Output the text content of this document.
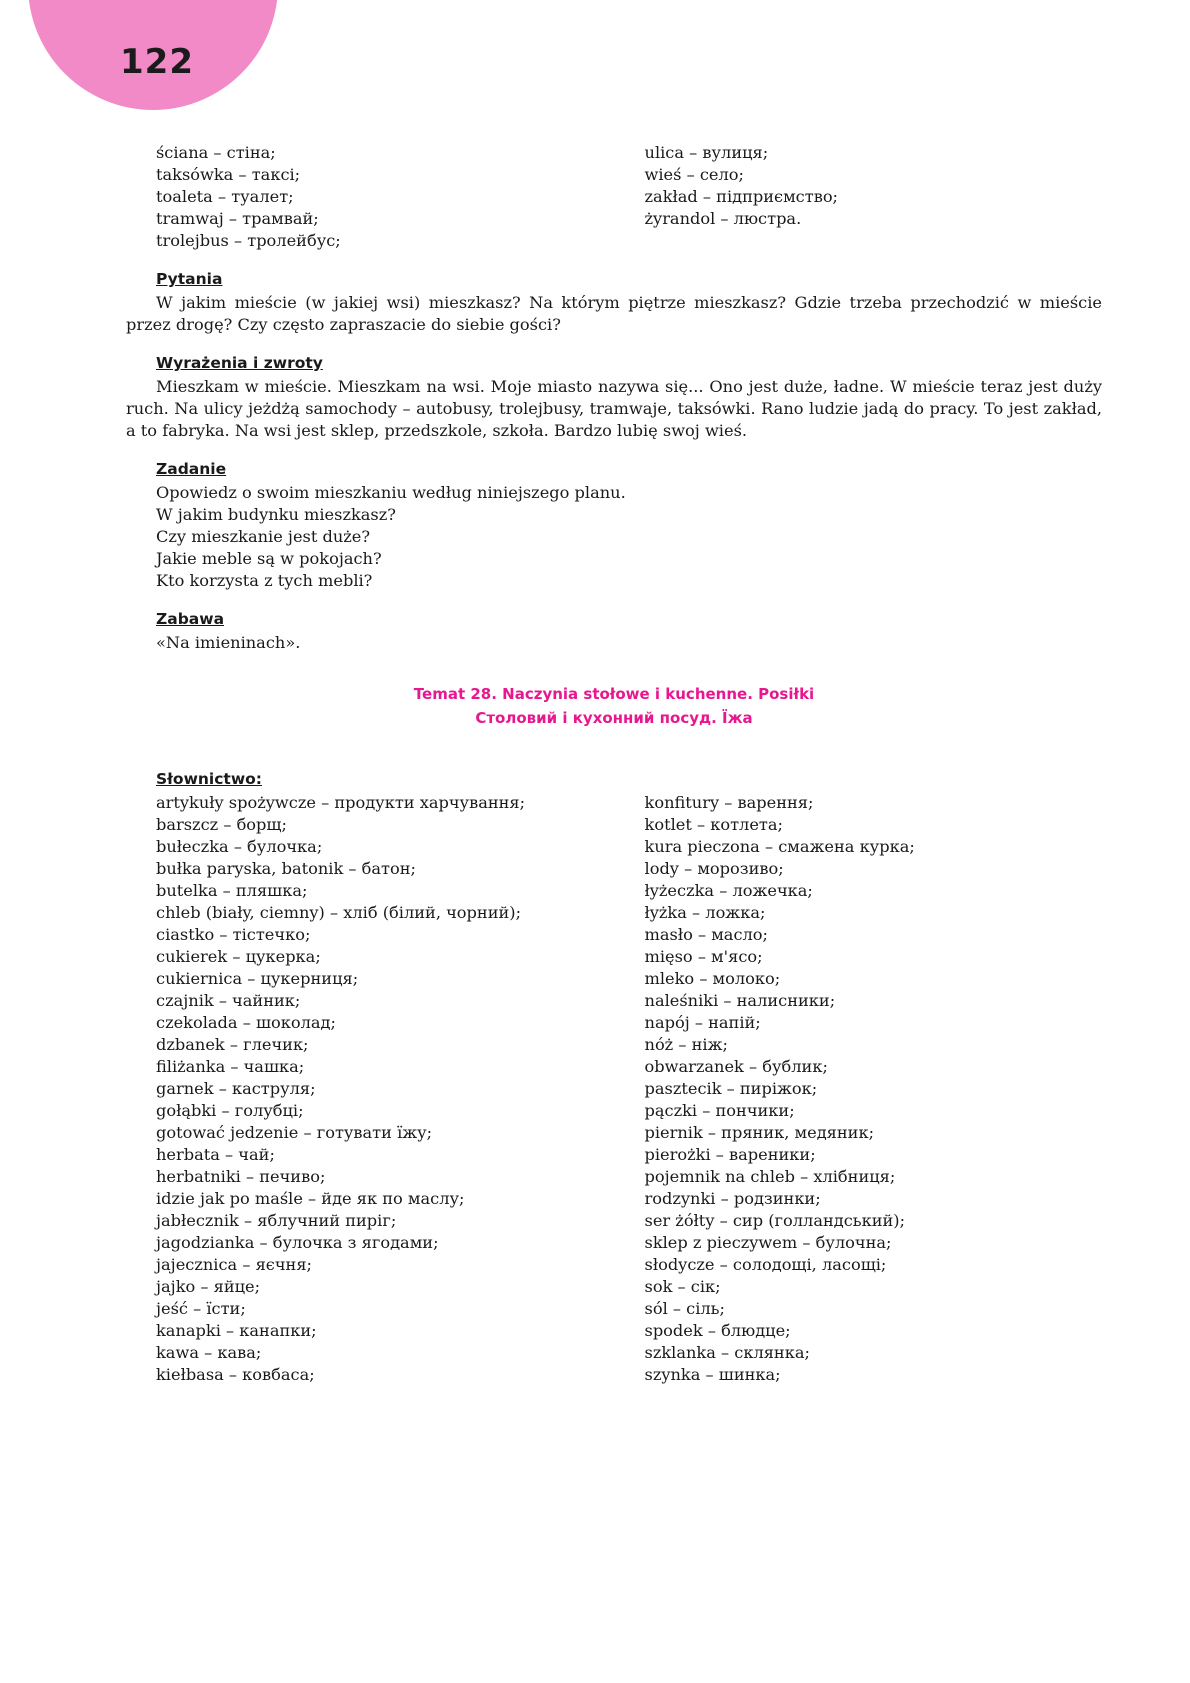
122
ściana – стіна;
taksówka – таксі;
toaleta – туалет;
tramwaj – трамвай;
trolejbus – тролейбус;
ulica – вулиця;
wieś – село;
zakład – підприємство;
żyrandol – люстра.
Pytania
W jakim mieście (w jakiej wsi) mieszkasz? Na którym piętrze mieszkasz? Gdzie trzeba przechodzić w mieście przez drogę? Czy często zapraszacie do siebie gości?
Wyrażenia i zwroty
Mieszkam w mieście. Mieszkam na wsi. Moje miasto nazywa się... Ono jest duże, ładne. W mieście teraz jest duży ruch. Na ulicy jeżdżą samochody – autobusy, trolejbusy, tramwaje, taksówki. Rano ludzie jadą do pracy. To jest zakład, a to fabryka. Na wsi jest sklep, przedszkole, szkoła. Bardzo lubię swoj wieś.
Zadanie
Opowiedz o swoim mieszkaniu według niniejszego planu.
W jakim budynku mieszkasz?
Czy mieszkanie jest duże?
Jakie meble są w pokojach?
Kto korzysta z tych mebli?
Zabawa
«Na imieninach».
Temat 28. Naczynia stołowe i kuchenne. Posiłki
Столовий і кухонний посуд. Їжа
Słownictwo:
artykuły spożywcze – продукти харчування;
barszcz – борщ;
bułeczka – булочка;
bułka paryska, batonik – батон;
butelka – пляшка;
chleb (biały, ciemny) – хліб (білий, чорний);
ciastko – тістечко;
cukierek – цукерка;
cukiernica – цукерниця;
czajnik – чайник;
czekolada – шоколад;
dzbanek – глечик;
filiżanka – чашка;
garnek – каструля;
gołąbki – голубці;
gotować jedzenie – готувати їжу;
herbata – чай;
herbatniki – печиво;
idzie jak po maśle – йде як по маслу;
jabłecznik – яблучний пиріг;
jagodzianka – булочка з ягодами;
jajecznica – яєчня;
jajko – яйце;
jeść – їсти;
kanapki – канапки;
kawa – кава;
kiełbasa – ковбаса;
konfitury – варення;
kotlet – котлета;
kura pieczona – смажена курка;
lody – морозиво;
łyżeczka – ложечка;
łyżka – ложка;
masło – масло;
mięso – м'ясо;
mleko – молоко;
naleśniki – налисники;
napój – напій;
nóż – ніж;
obwarzanek – бублик;
pasztecik – пиріжок;
pączki – пончики;
piernik – пряник, медяник;
pierożki – вареники;
pojemnik na chleb – хлібниця;
rodzynki – родзинки;
ser żółty – сир (голландський);
sklep z pieczywem – булочна;
słodycze – солодощі, ласощі;
sok – сік;
sól – сіль;
spodek – блюдце;
szklanka – склянка;
szynka – шинка;
